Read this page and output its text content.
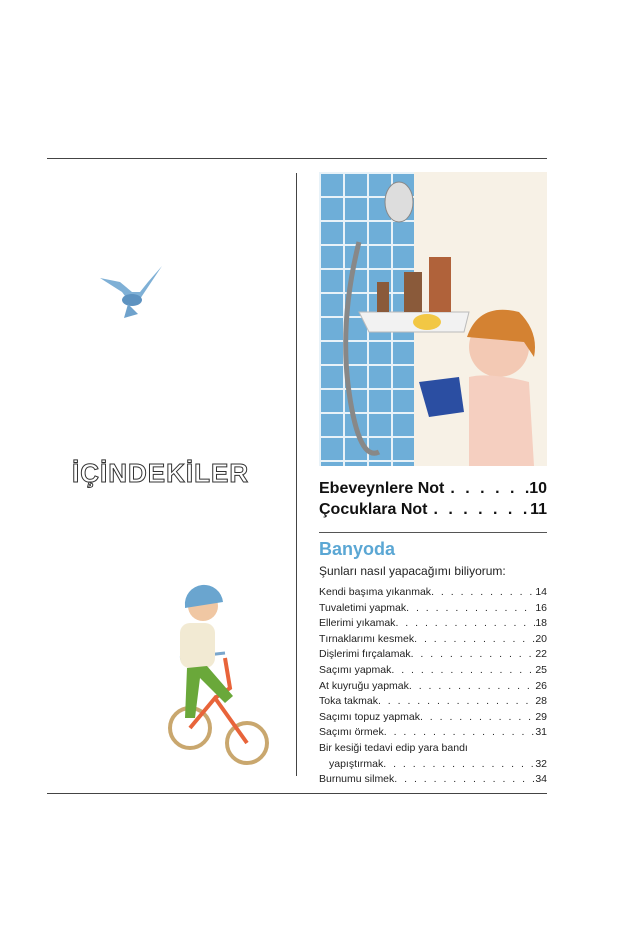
İÇİNDEKİLER
Ebeveynlere Not . . .	10
Çocuklara Not . . .	11
Banyoda
Şunları nasıl yapacağımı biliyorum:
Kendi başıma yıkanmak . . .	14
Tuvaletimi yapmak . . .	16
Ellerimi yıkamak . . .	18
Tırnaklarımı kesmek . . .	20
Dişlerimi fırçalamak . . .	22
Saçımı yapmak . . .	25
At kuyruğu yapmak . . .	26
Toka takmak . . .	28
Saçımı topuz yapmak . . .	29
Saçımı örmek . . .	31
Bir kesiği tedavi edip yara bandı
yapıştırmak . . .	32
Burnumu silmek . . .	34
